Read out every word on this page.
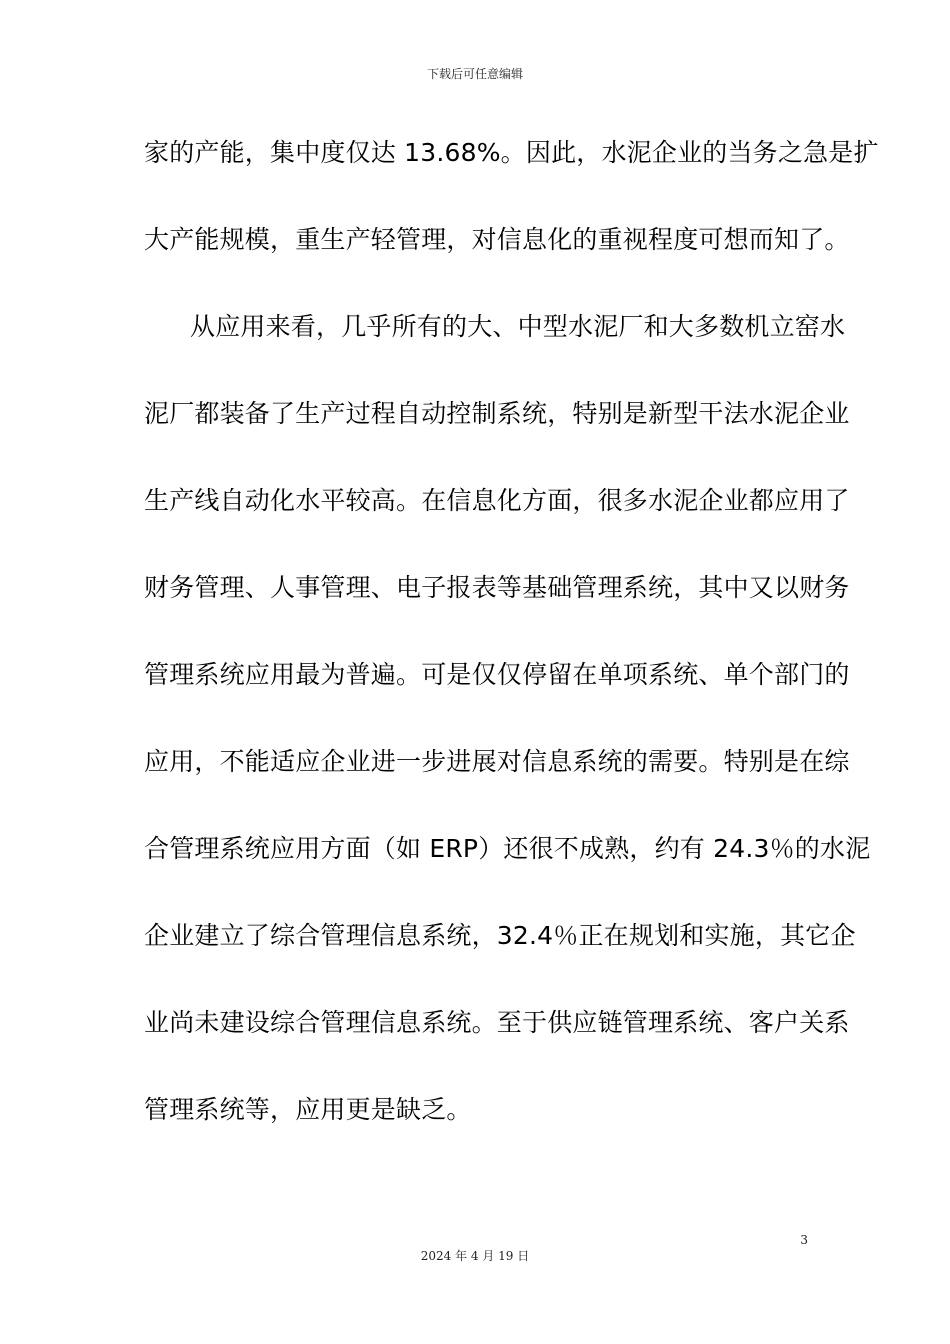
下载后可任意编辑
家的产能，集中度仅达 13.68%。因此，水泥企业的当务之急是扩
大产能规模，重生产轻管理，对信息化的重视程度可想而知了。
从应用来看，几乎所有的大、中型水泥厂和大多数机立窑水
泥厂都装备了生产过程自动控制系统，特别是新型干法水泥企业
生产线自动化水平较高。在信息化方面，很多水泥企业都应用了
财务管理、人事管理、电子报表等基础管理系统，其中又以财务
管理系统应用最为普遍。可是仅仅停留在单项系统、单个部门的
应用，不能适应企业进一步进展对信息系统的需要。特别是在综
合管理系统应用方面（如 ERP）还很不成熟，约有 24.3％的水泥
企业建立了综合管理信息系统，32.4％正在规划和实施，其它企
业尚未建设综合管理信息系统。至于供应链管理系统、客户关系
管理系统等，应用更是缺乏。
3
2024 年 4 月 19 日
